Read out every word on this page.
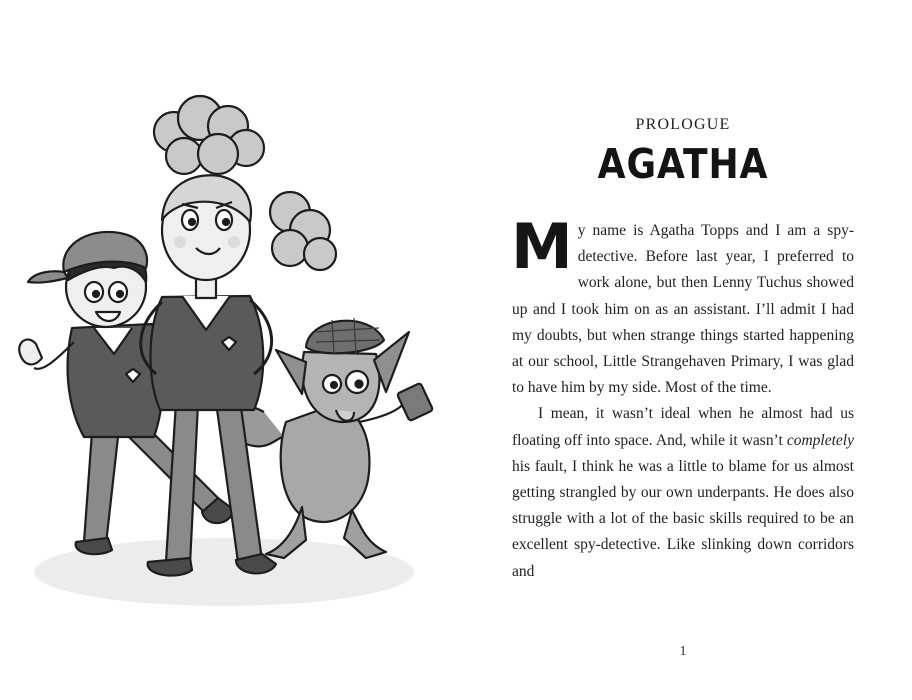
PROLOGUE
AGATHA

My name is Agatha Topps and I am a spy-detective. Before last year, I preferred to work alone, but then Lenny Tuchus showed up and I took him on as an assistant. I’ll admit I had my doubts, but when strange things started happening at our school, Little Strangehaven Primary, I was glad to have him by my side. Most of the time.

I mean, it wasn’t ideal when he almost had us floating off into space. And, while it wasn’t completely his fault, I think he was a little to blame for us almost getting strangled by our own underpants. He does also struggle with a lot of the basic skills required to be an excellent spy-detective. Like slinking down corridors and

1
